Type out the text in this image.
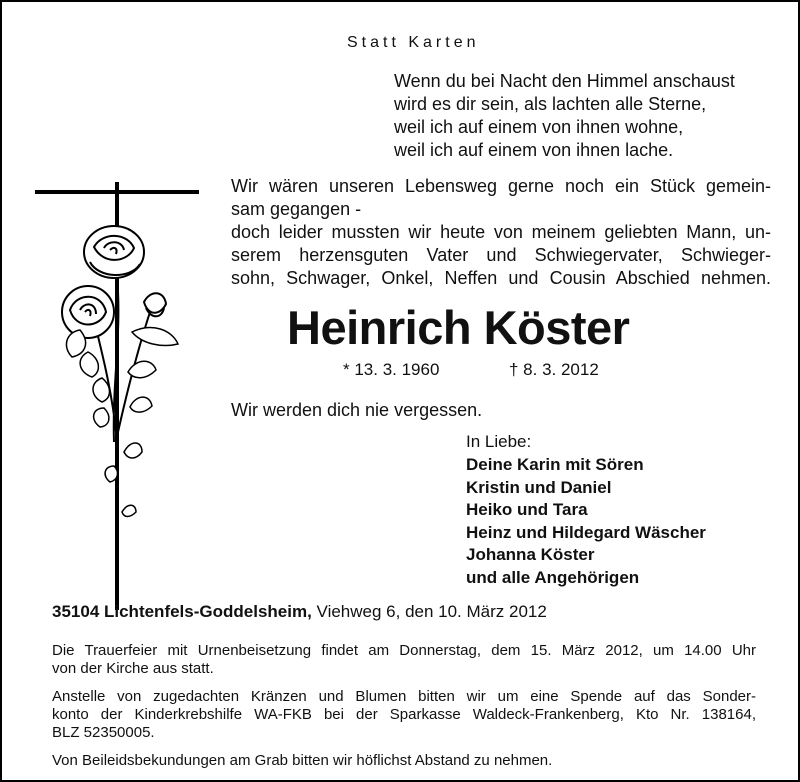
Statt Karten
Wenn du bei Nacht den Himmel anschaust
wird es dir sein, als lachten alle Sterne,
weil ich auf einem von ihnen wohne,
weil ich auf einem von ihnen lache.

Wir wären unseren Lebensweg gerne noch ein Stück gemein-

sam gegangen -

doch leider mussten wir heute von meinem geliebten Mann, un-

serem herzensguten Vater und Schwiegervater, Schwieger-

sohn, Schwager, Onkel, Neffen und Cousin Abschied nehmen.

Heinrich Köster
* 13. 3. 1960	† 8. 3. 2012
Wir werden dich nie vergessen.
In Liebe:
Deine Karin mit Sören
Kristin und Daniel
Heiko und Tara
Heinz und Hildegard Wäscher
Johanna Köster
und alle Angehörigen
35104 Lichtenfels-Goddelsheim, Viehweg 6, den 10. März 2012

Die Trauerfeier mit Urnenbeisetzung findet am Donnerstag, dem 15. März 2012, um 14.00 Uhr

von der Kirche aus statt.

Anstelle von zugedachten Kränzen und Blumen bitten wir um eine Spende auf das Sonder-

konto der Kinderkrebshilfe WA-FKB bei der Sparkasse Waldeck-Frankenberg, Kto Nr. 138164,

BLZ 52350005.

Von Beileidsbekundungen am Grab bitten wir höflichst Abstand zu nehmen.
